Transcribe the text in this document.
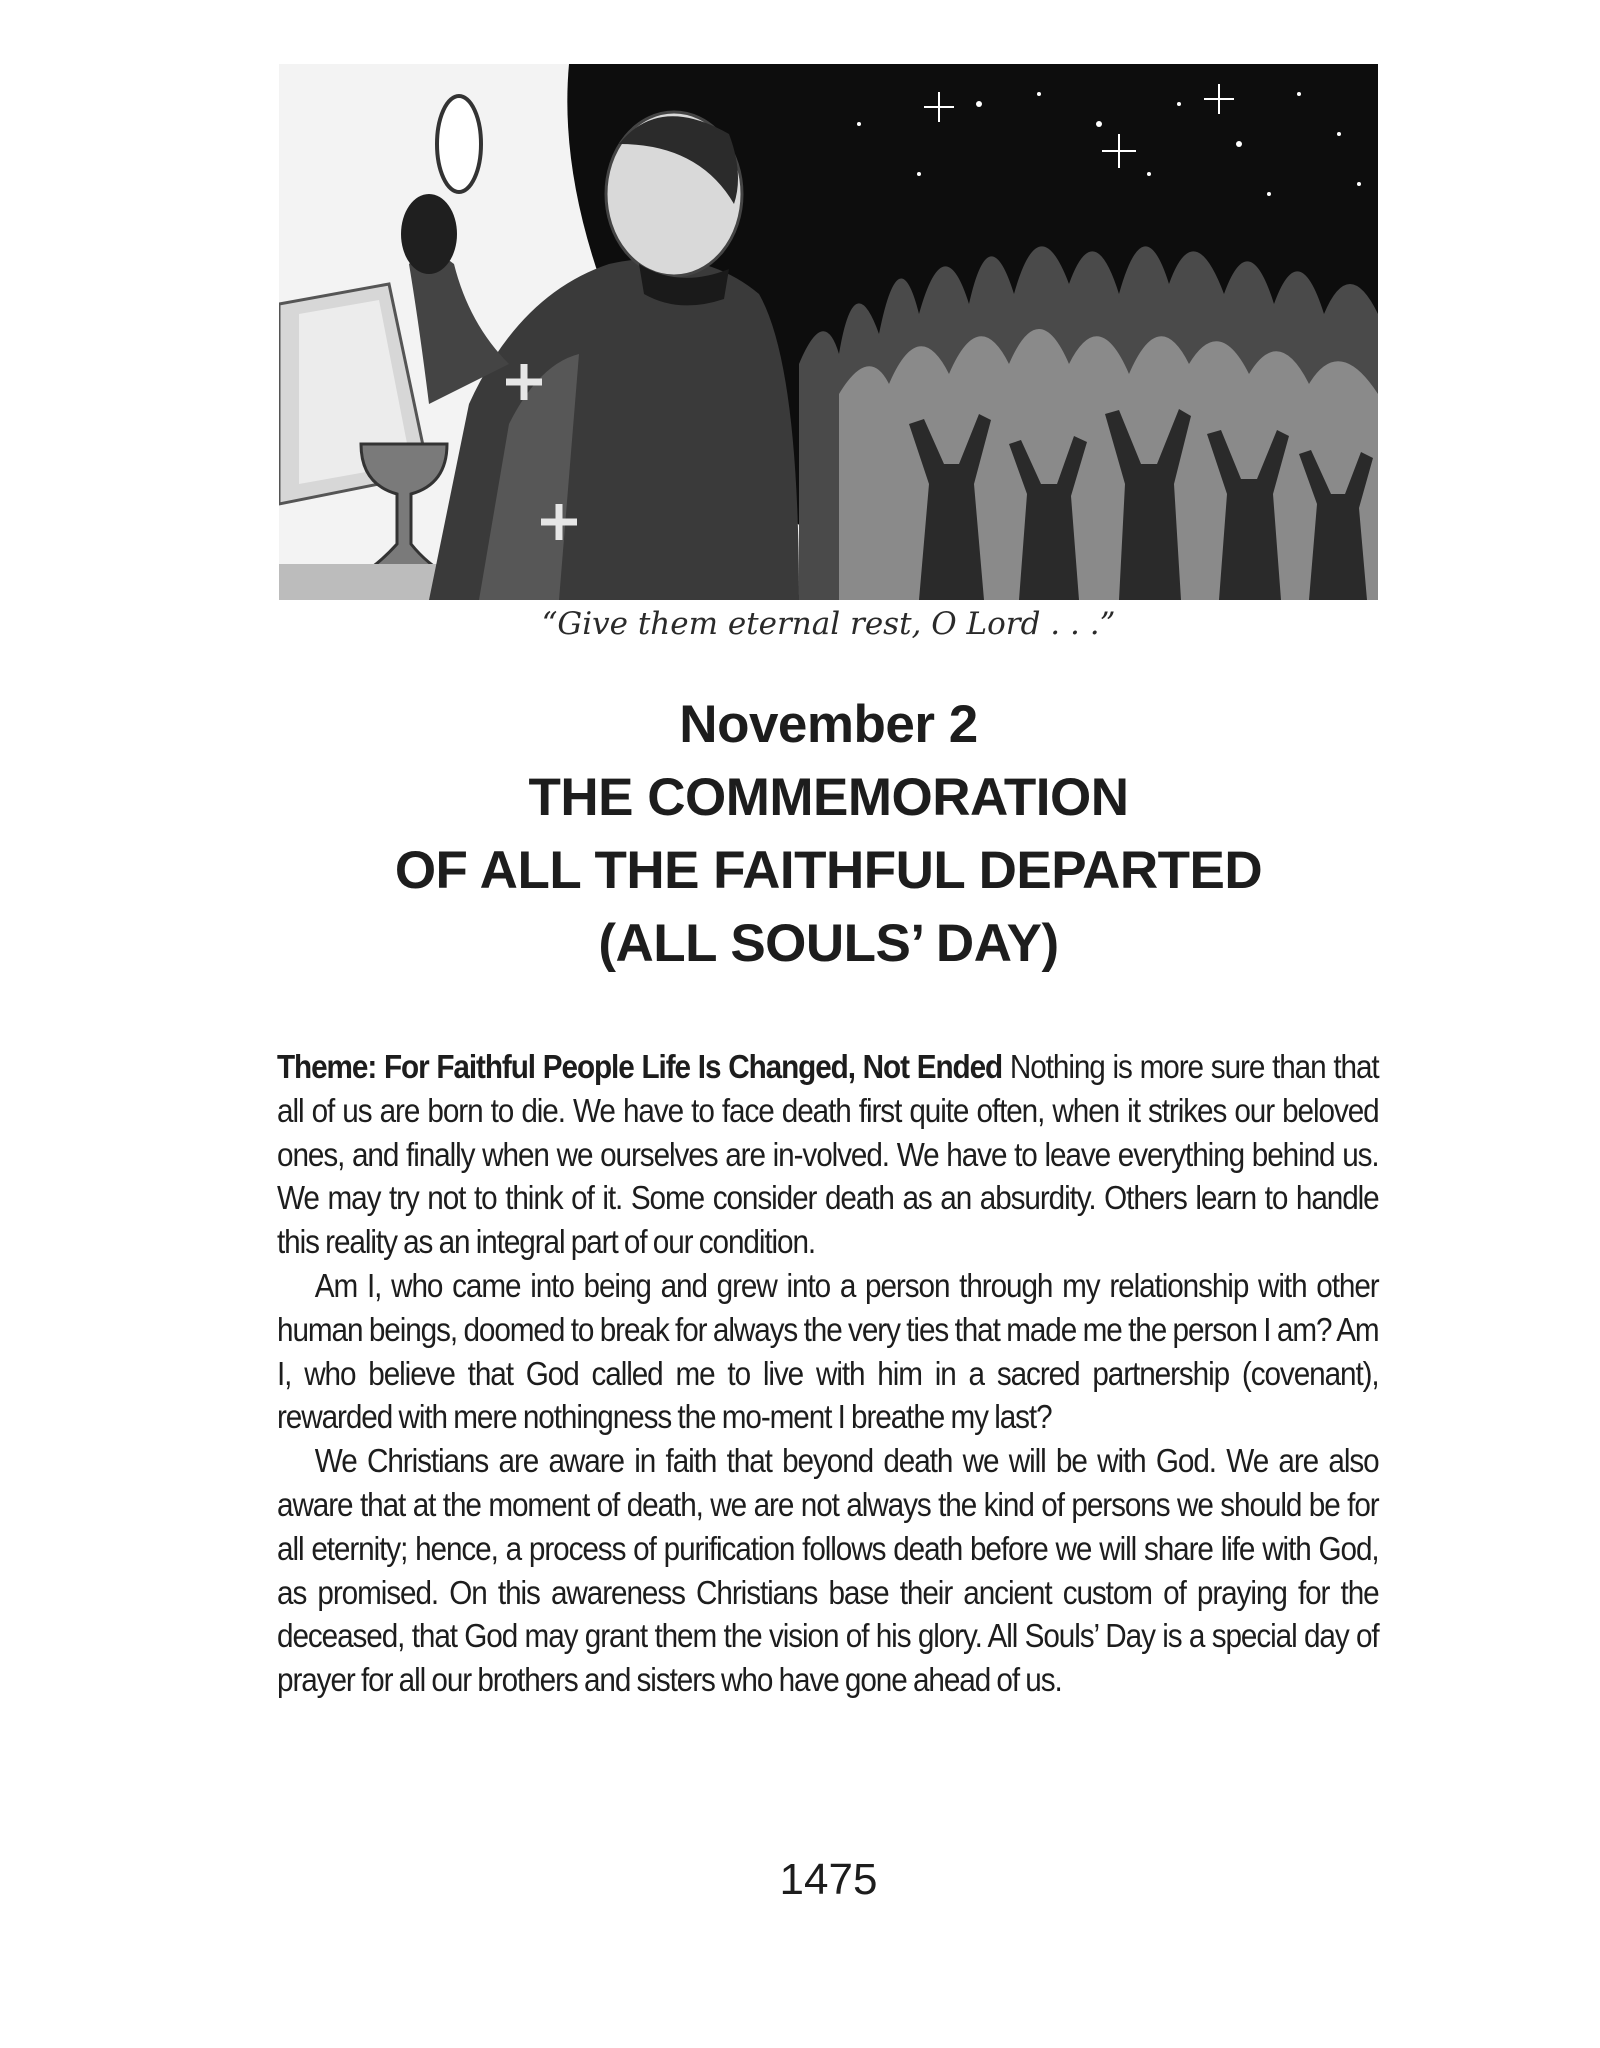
“Give them eternal rest, O Lord . . .”
November 2
THE COMMEMORATION
OF ALL THE FAITHFUL DEPARTED
(ALL SOULS’ DAY)

Theme: For Faithful People Life Is Changed, Not Ended Nothing is more sure than that all of us are born to die. We have to face death first quite often, when it strikes our beloved ones, and finally when we ourselves are in-volved. We have to leave everything behind us. We may try not to think of it. Some consider death as an absurdity. Others learn to handle this reality as an integral part of our condition.

Am I, who came into being and grew into a person through my relationship with other human beings, doomed to break for always the very ties that made me the person I am? Am I, who believe that God called me to live with him in a sacred partnership (covenant), rewarded with mere nothingness the mo-ment I breathe my last?

We Christians are aware in faith that beyond death we will be with God. We are also aware that at the moment of death, we are not always the kind of persons we should be for all eternity; hence, a process of purification follows death before we will share life with God, as promised. On this awareness Christians base their ancient custom of praying for the deceased, that God may grant them the vision of his glory. All Souls’ Day is a special day of prayer for all our brothers and sisters who have gone ahead of us.

1475
